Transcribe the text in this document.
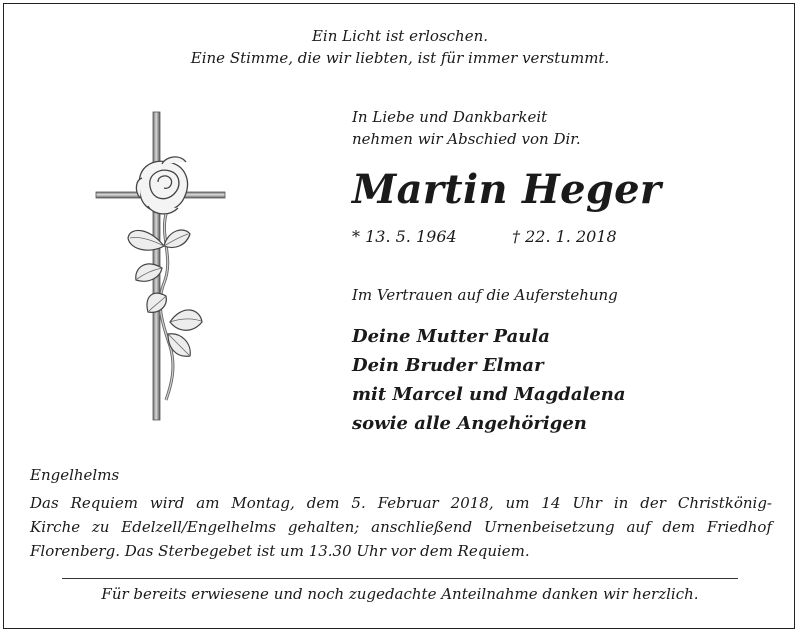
Ein Licht ist erloschen.
Eine Stimme, die wir liebten, ist für immer verstummt.
In Liebe und Dankbarkeit
nehmen wir Abschied von Dir.
Martin Heger
* 13. 5. 1964	† 22. 1. 2018
Im Vertrauen auf die Auferstehung
Deine Mutter Paula
Dein Bruder Elmar
mit Marcel und Magdalena
sowie alle Angehörigen
Engelhelms
Das Requiem wird am Montag, dem 5. Februar 2018, um 14 Uhr in der Christkönig-
Kirche zu Edelzell/Engelhelms gehalten; anschließend Urnenbeisetzung auf dem Friedhof
Florenberg. Das Sterbegebet ist um 13.30 Uhr vor dem Requiem.
Für bereits erwiesene und noch zugedachte Anteilnahme danken wir herzlich.
